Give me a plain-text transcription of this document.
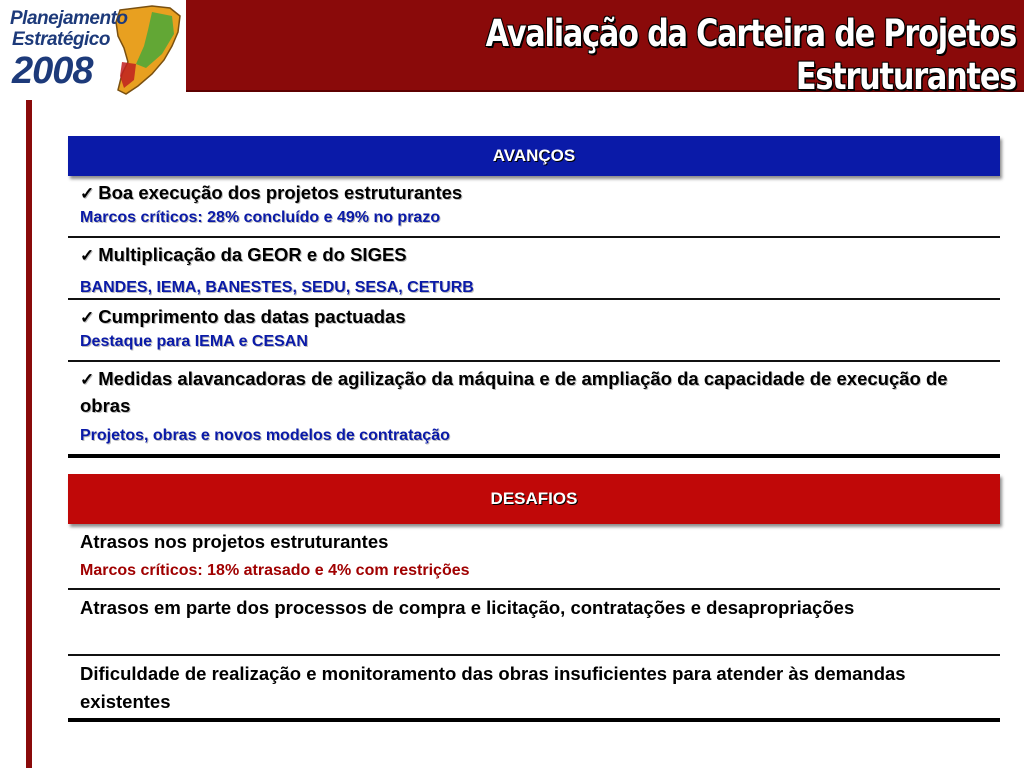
Avaliação da Carteira de Projetos Estruturantes
Planejamento
Estratégico
2008
AVANÇOS
✓ Boa execução dos projetos estruturantes
Marcos críticos: 28% concluído e 49% no prazo
✓ Multiplicação da GEOR e do SIGES
BANDES, IEMA, BANESTES, SEDU, SESA, CETURB
✓ Cumprimento das datas pactuadas
Destaque para IEMA e CESAN
✓ Medidas alavancadoras de agilização da máquina e de ampliação da capacidade de execução de obras
Projetos, obras e novos modelos de contratação
DESAFIOS
Atrasos nos projetos estruturantes
Marcos críticos: 18% atrasado e 4% com restrições
Atrasos em parte dos processos de compra e licitação, contratações e desapropriações
Dificuldade de realização e monitoramento das obras insuficientes para atender às demandas existentes
